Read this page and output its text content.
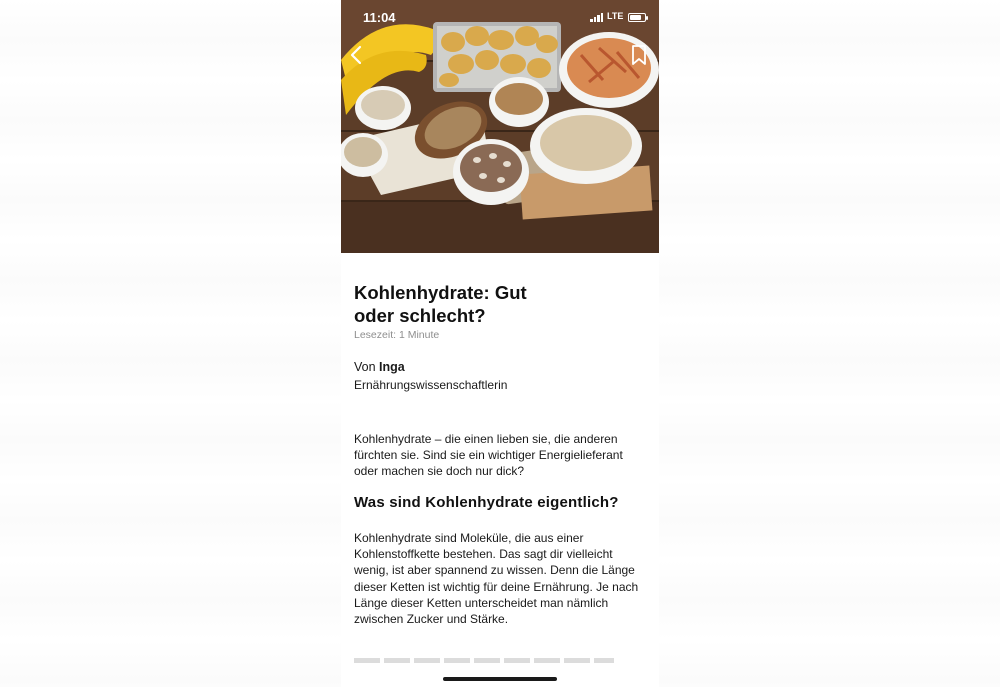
11:04	LTE
Kohlenhydrate: Gut oder schlecht?
Lesezeit: 1 Minute
Von Inga
Ernährungswissenschaftlerin

Kohlenhydrate – die einen lieben sie, die anderen fürchten sie. Sind sie ein wichtiger Energielieferant oder machen sie doch nur dick?

Was sind Kohlenhydrate eigentlich?

Kohlenhydrate sind Moleküle, die aus einer Kohlenstoffkette bestehen. Das sagt dir vielleicht wenig, ist aber spannend zu wissen. Denn die Länge dieser Ketten ist wichtig für deine Ernährung. Je nach Länge dieser Ketten unterscheidet man nämlich zwischen Zucker und Stärke.
